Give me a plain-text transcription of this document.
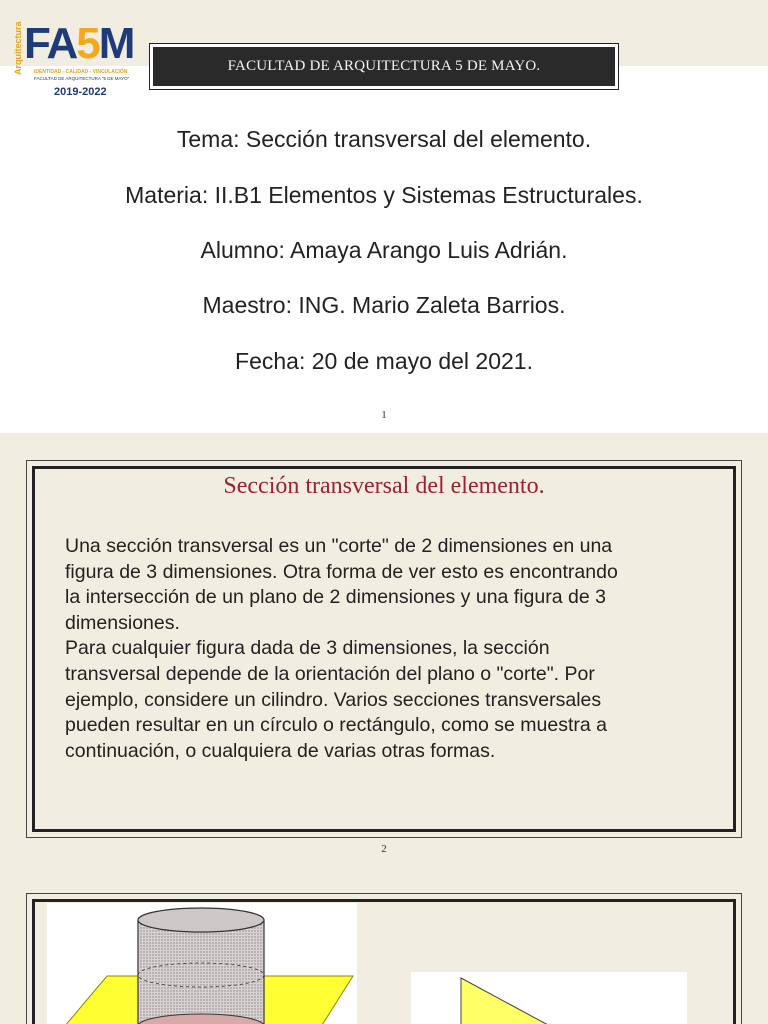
Arquitectura FA5M
IDENTIDAD - CALIDAD - VINCULACIÓN
FACULTAD DE ARQUITECTURA "5 DE MAYO"
2019-2022
FACULTAD DE ARQUITECTURA 5 DE MAYO.
Tema: Sección transversal del elemento.
Materia: II.B1 Elementos y Sistemas Estructurales.
Alumno: Amaya Arango Luis Adrián.
Maestro: ING. Mario Zaleta Barrios.
Fecha: 20 de mayo del 2021.
1
Sección transversal del elemento.
Una sección transversal es un "corte" de 2 dimensiones en una
figura de 3 dimensiones. Otra forma de ver esto es encontrando
la intersección de un plano de 2 dimensiones y una figura de 3
dimensiones.
Para cualquier figura dada de 3 dimensiones, la sección
transversal depende de la orientación del plano o "corte". Por
ejemplo, considere un cilindro. Varios secciones transversales
pueden resultar en un círculo o rectángulo, como se muestra a
continuación, o cualquiera de varias otras formas.
2
